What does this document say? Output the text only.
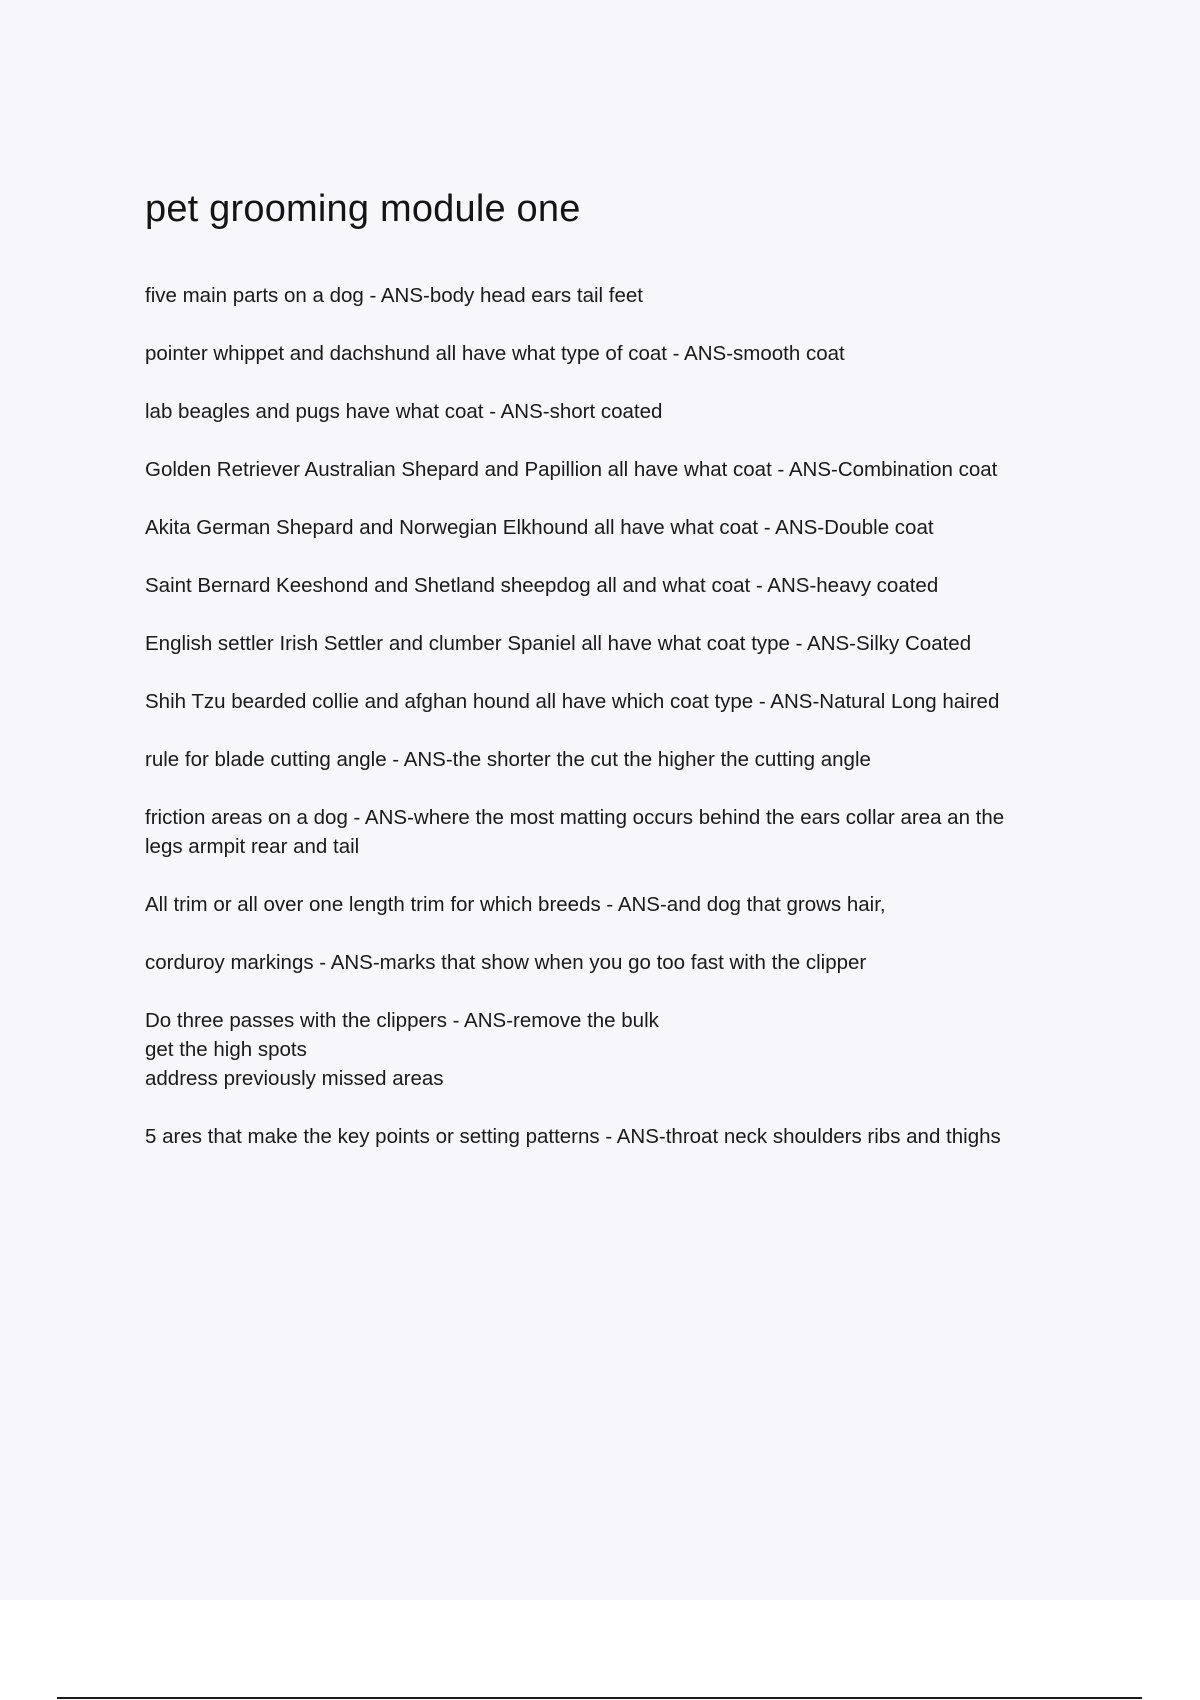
pet grooming module one
five main parts on a dog - ANS-body head ears tail feet
pointer whippet and dachshund all have what type of coat - ANS-smooth coat
lab beagles and pugs have what coat - ANS-short coated
Golden Retriever Australian Shepard and Papillion all have what coat - ANS-Combination coat
Akita German Shepard and Norwegian Elkhound all have what coat - ANS-Double coat
Saint Bernard Keeshond and Shetland sheepdog all and what coat - ANS-heavy coated
English settler Irish Settler and clumber Spaniel all have what coat type - ANS-Silky Coated
Shih Tzu bearded collie and afghan hound all have which coat type - ANS-Natural Long haired
rule for blade cutting angle - ANS-the shorter the cut the higher the cutting angle
friction areas on a dog - ANS-where the most matting occurs behind the ears collar area an the
legs armpit rear and tail
All trim or all over one length trim for which breeds - ANS-and dog that grows hair,
corduroy markings - ANS-marks that show when you go too fast with the clipper
Do three passes with the clippers - ANS-remove the bulk
get the high spots
address previously missed areas
5 ares that make the key points or setting patterns - ANS-throat neck shoulders ribs and thighs
